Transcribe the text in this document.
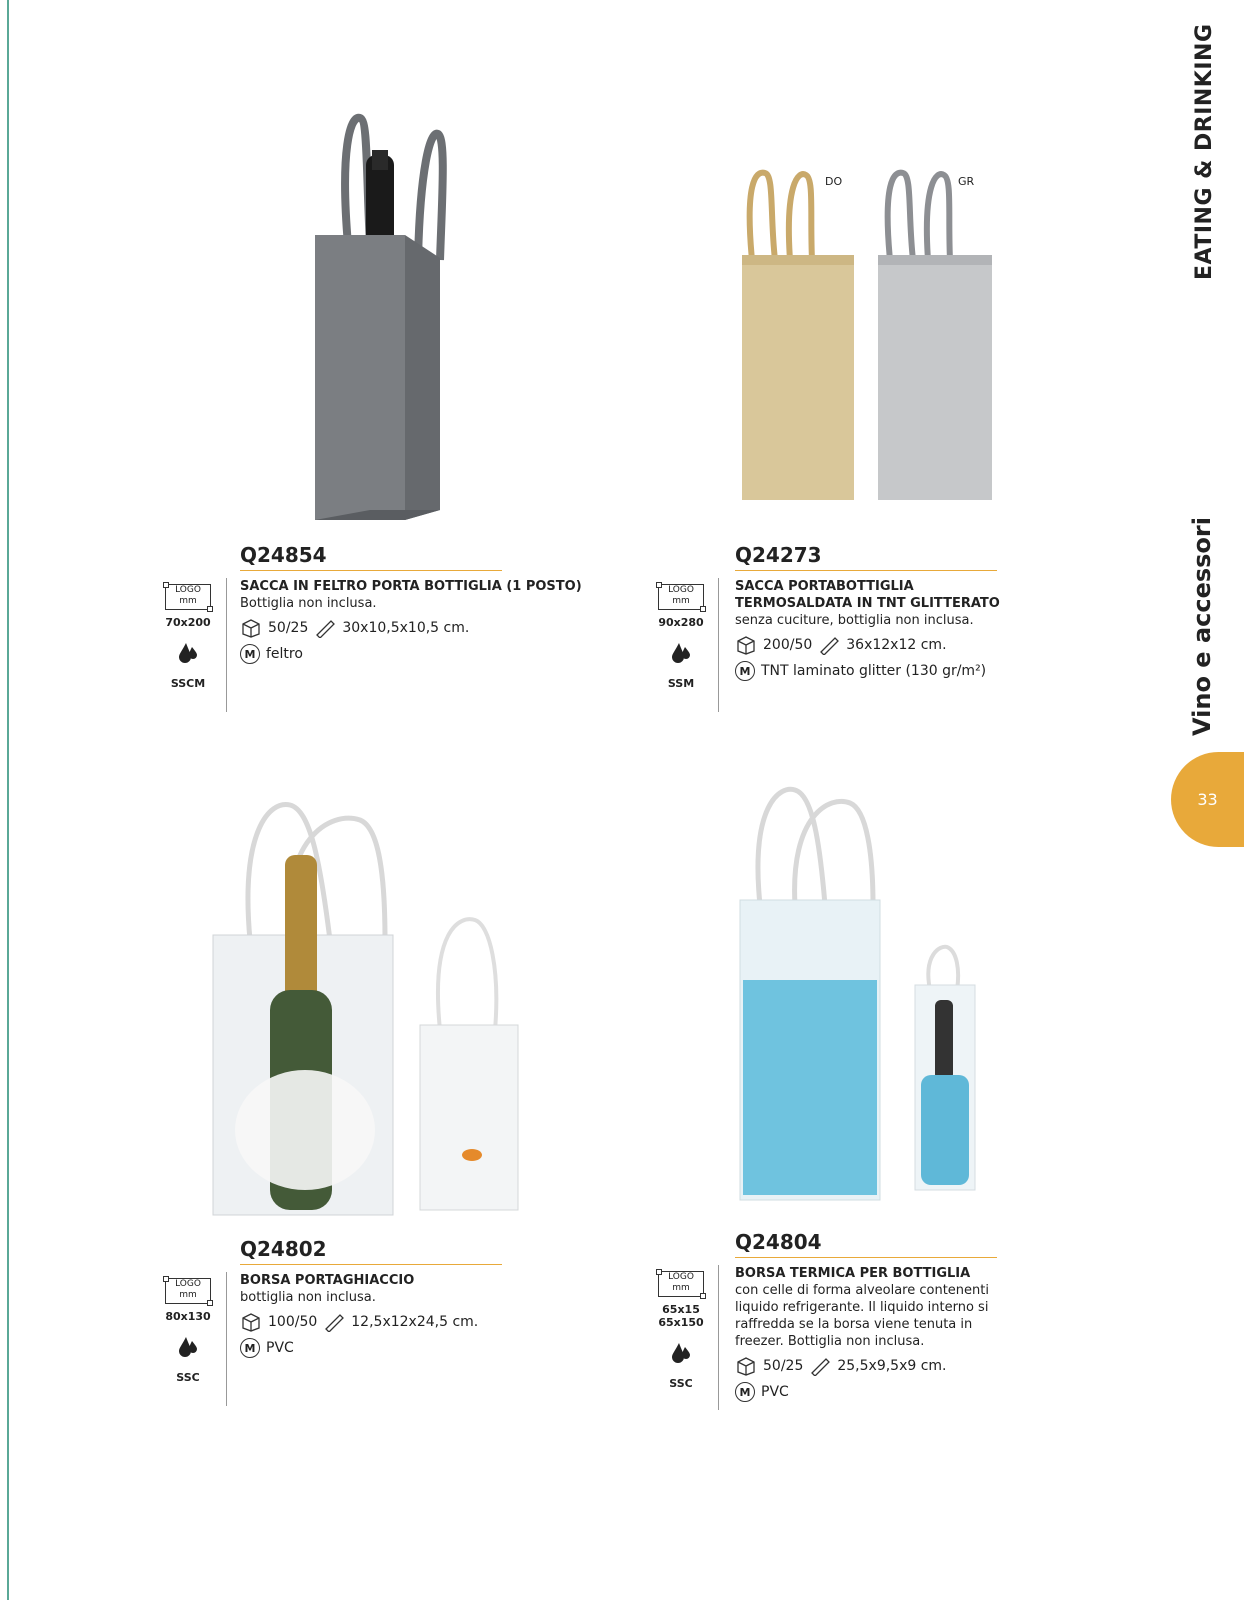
EATING & DRINKING
Vino e accessori
33
Q24854
LOGO
mm
70x200
SSCM
SACCA IN FELTRO PORTA BOTTIGLIA (1 POSTO)
Bottiglia non inclusa.
50/25 30x10,5x10,5 cm.
M feltro
DO	GR
Q24273
LOGO
mm
90x280
SSM
SACCA PORTABOTTIGLIA TERMOSALDATA IN TNT GLITTERATO
senza cuciture, bottiglia non inclusa.
200/50 36x12x12 cm.
M TNT laminato glitter (130 gr/m²)
Q24802
LOGO
mm
80x130
SSC
BORSA PORTAGHIACCIO
bottiglia non inclusa.
100/50 12,5x12x24,5 cm.
M PVC
Q24804
LOGO
mm
65x15
65x150
SSC
BORSA TERMICA PER BOTTIGLIA
con celle di forma alveolare contenenti liquido refrigerante. Il liquido interno si raffredda se la borsa viene tenuta in freezer. Bottiglia non inclusa.
50/25 25,5x9,5x9 cm.
M PVC
